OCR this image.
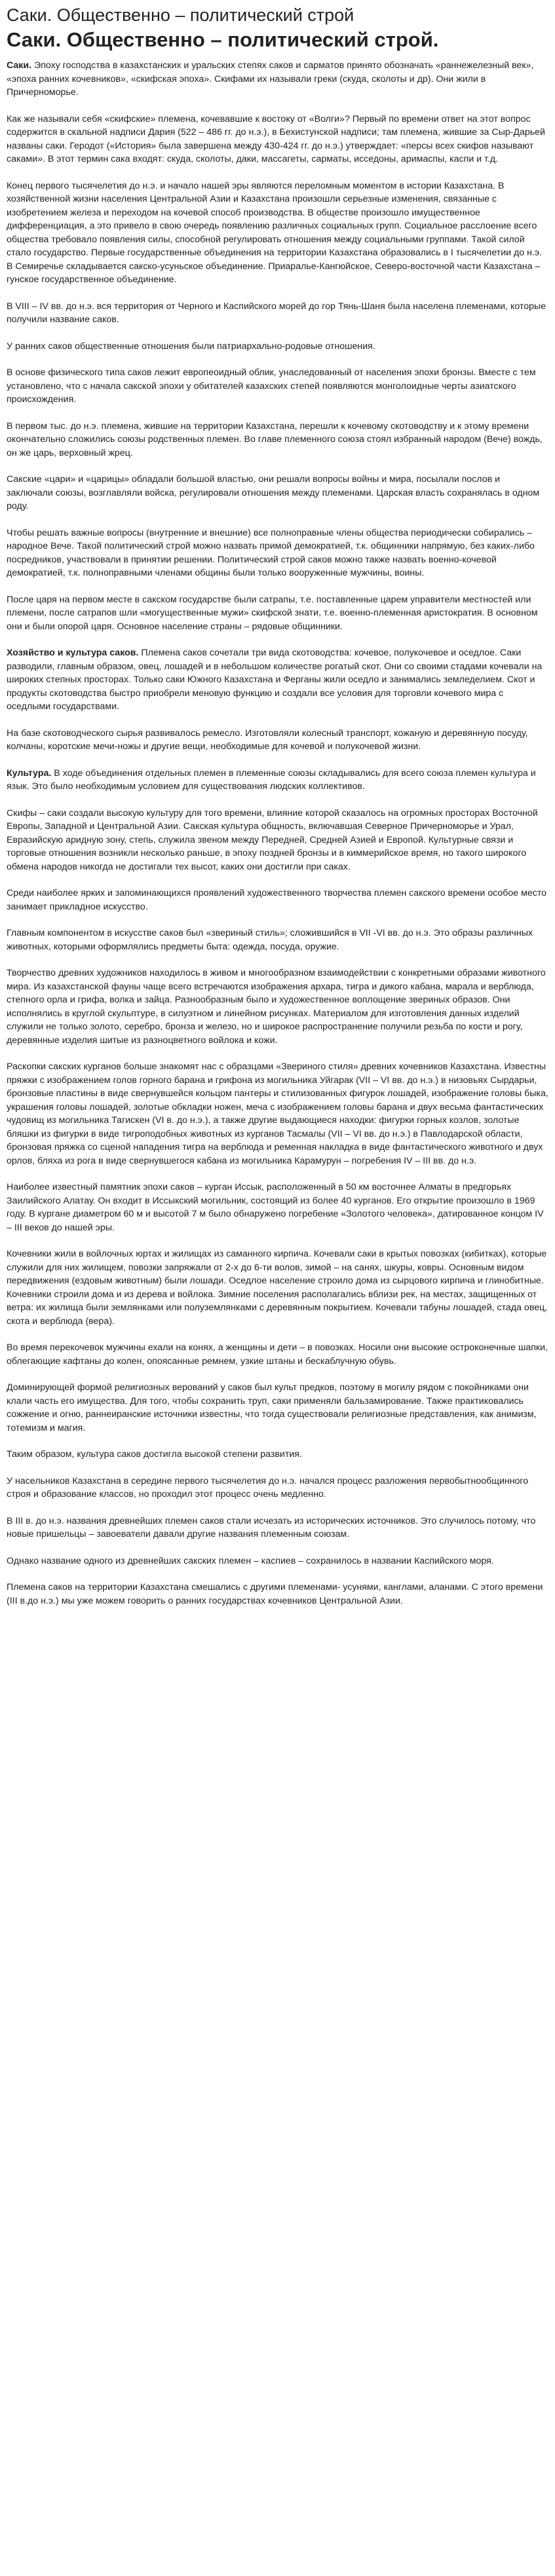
Саки. Общественно – политический строй
Саки. Общественно – политический строй.

Саки. Эпоху господства в казахстанских и уральских степях саков и сарматов принято обозначать «раннежелезный век», «эпоха ранних кочевников», «скифская эпоха». Скифами их называли греки (скуда, сколоты и др). Они жили в Причерноморье.

Как же называли себя «скифские» племена, кочевавшие к востоку от «Волги»? Первый по времени ответ на этот вопрос содержится в скальной надписи Дария (522 – 486 гг. до н.э.), в Бехистунской надписи; там племена, жившие за Сыр-Дарьей названы саки. Геродот («История» была завершена между 430-424 гг. до н.э.) утверждает: «персы всех скифов называют саками». В этот термин сака входят: скуда, сколоты, даки, массагеты, сарматы, исседоны, аримаспы, каспи и т.д.

Конец первого тысячелетия до н.э. и начало нашей эры являются переломным моментом в истории Казахстана. В хозяйственной жизни населения Центральной Азии и Казахстана произошли серьезные изменения, связанные с изобретением железа и переходом на кочевой способ производства. В обществе произошло имущественное дифференциация, а это привело в свою очередь появлению различных социальных групп. Социальное расслоение всего общества требовало появления силы, способной регулировать отношения между социальными группами. Такой силой стало государство. Первые государственные объединения на территории Казахстана образовались в I тысячелетии до н.э. В Семиречье складывается сакско-усуньское объединение. Приаралье-Кангюйское, Северо-восточной части Казахстана – гунское государственное объединение.

В VIII – IV вв. до н.э. вся территория от Черного и Каспийского морей до гор Тянь-Шаня была населена племенами, которые получили название саков.

У ранних саков общественные отношения были патриархально-родовые отношения.

В основе физического типа саков лежит европеоидный облик, унаследованный от населения эпохи бронзы. Вместе с тем установлено, что с начала сакской эпохи у обитателей казахских степей появляются монголоидные черты азиатского происхождения.

В первом тыс. до н.э. племена, жившие на территории Казахстана, перешли к кочевому скотоводству и к этому времени окончательно сложились союзы родственных племен. Во главе племенного союза стоял избранный народом (Вече) вождь, он же царь, верховный жрец.

Сакские «цари» и «царицы» обладали большой властью, они решали вопросы войны и мира, посылали послов и заключали союзы, возглавляли войска, регулировали отношения между племенами. Царская власть сохранялась в одном роду.

Чтобы решать важные вопросы (внутренние и внешние) все полноправные члены общества периодически собирались – народное Вече. Такой политический строй можно назвать примой демократией, т.к. общинники напрямую, без каких-либо посредников, участвовали в принятии решении. Политический строй саков можно также назвать военно-кочевой демократией, т.к. полноправными членами общины были только вооруженные мужчины, воины.

После царя на первом месте в сакском государстве были сатрапы, т.е. поставленные царем управители местностей или племени, после сатрапов шли «могущественные мужи» скифской знати, т.е. военно-племенная аристократия. В основном они и были опорой царя. Основное население страны – рядовые общинники.

Хозяйство и культура саков. Племена саков сочетали три вида скотоводства: кочевое, полукочевое и оседлое. Саки разводили, главным образом, овец, лошадей и в небольшом количестве рогатый скот. Они со своими стадами кочевали на широких степных просторах. Только саки Южного Казахстана и Ферганы жили оседло и занимались земледелием. Скот и продукты скотоводства быстро приобрели меновую функцию и создали все условия для торговли кочевого мира с оседлыми государствами.

На базе скотоводческого сырья развивалось ремесло. Изготовляли колесный транспорт, кожаную и деревянную посуду, колчаны, коротские мечи-ножы и другие вещи, необходимые для кочевой и полукочевой жизни.

Культура. В ходе объединения отдельных племен в племенные союзы складывались для всего союза племен культура и язык. Это было необходимым условием для существования людских коллективов.

Скифы – саки создали высокую культуру для того времени, влияние которой сказалось на огромных просторах Восточной Европы, Западной и Центральной Азии. Сакская культура общность, включавшая Северное Причерноморье и Урал, Евразийскую аридную зону, степь, служила звеном между Передней, Средней Азией и Европой. Культурные связи и торговые отношения возникли несколько раньше, в эпоху поздней бронзы и в киммерийское время, но такого широкого обмена народов никогда не достигали тех высот, каких они достигли при саках.

Среди наиболее ярких и запоминающихся проявлений художественного творчества племен сакского времени особое место занимает прикладное искусство.

Главным компонентом в искусстве саков был «звериный стиль»; сложившийся в VII -VI вв. до н.э. Это образы различных животных, которыми оформлялись предметы быта: одежда, посуда, оружие.

Творчество древних художников находилось в живом и многообразном взаимодействии с конкретными образами животного мира. Из казахстанской фауны чаще всего встречаются изображения архара, тигра и дикого кабана, марала и верблюда, степного орла и грифа, волка и зайца. Разнообразным было и художественное воплощение звериных образов. Они исполнялись в круглой скульптуре, в силуэтном и линейном рисунках. Материалом для изготовления данных изделий служили не только золото, серебро, бронза и железо, но и широкое распространение получили резьба по кости и рогу, деревянные изделия шитые из разноцветного войлока и кожи.

Раскопки сакских курганов больше знакомят нас с образцами «Звериного стиля» древних кочевников Казахстана. Известны пряжки с изображением голов горного барана и грифона из могильника Уйгарак (VII – VI вв. до н.э.) в низовьях Сырдарьи, бронзовые пластины в виде свернувшейся кольцом пантеры и стилизованных фигурок лошадей, изображение головы быка, украшения головы лошадей, золотые обкладки ножен, меча с изображением головы барана и двух весьма фантастических чудовищ из могильника Тагискен (VI в. до н.э.), а также другие выдающиеся находки: фигурки горных козлов, золотые бляшки из фигурки в виде тигроподобных животных из курганов Тасмалы (VII – VI вв. до н.э.) в Павлодарской области, бронзовая пряжка со сценой нападения тигра на верблюда и ременная накладка в виде фантастического животного и двух орлов, бляха из рога в виде свернувшегося кабана из могильника Карамурун – погребения IV – III вв. до н.э.

Наиболее известный памятник эпохи саков – курган Иссык, расположенный в 50 км восточнее Алматы в предгорьях Заилийского Алатау. Он входит в Иссыкский могильник, состоящий из более 40 курганов. Его открытие произошло в 1969 году. В кургане диаметром 60 м и высотой 7 м было обнаружено погребение «Золотого человека», датированное концом IV – III веков до нашей эры.

Кочевники жили в войлочных юртах и жилищах из саманного кирпича. Кочевали саки в крытых повозках (кибитках), которые служили для них жилищем, повозки запряжали от 2-х до 6-ти волов, зимой – на санях, шкуры, ковры. Основным видом передвижения (ездовым животным) были лошади. Оседлое население строило дома из сырцового кирпича и глинобитные. Кочевники строили дома и из дерева и войлока. Зимние поселения располагались вблизи рек, на местах, защищенных от ветра: их жилища были землянками или полуземлянками с деревянным покрытием. Кочевали табуны лошадей, стада овец, скота и верблюда (вера).

Во время перекочевок мужчины ехали на конях, а женщины и дети – в повозках. Носили они высокие остроконечные шапки, облегающие кафтаны до колен, опоясанные ремнем, узкие штаны и беcкаблучную обувь.

Доминирующей формой религиозных верований у саков был культ предков, поэтому в могилу рядом с покойниками они клали часть его имущества. Для того, чтобы сохранить труп, саки применяли бальзамирование. Также практиковались сожжение и огню, раннеиранские источники известны, что тогда существовали религиозные представления, как анимизм, тотемизм и магия.

Таким образом, культура саков достигла высокой степени развития.

У насельников Казахстана в середине первого тысячелетия до н.э. начался процесс разложения первобытнообщинного строя и образование классов, но проходил этот процесс очень медленно.

В III в. до н.э. названия древнейших племен саков стали исчезать из исторических источников. Это случилось потому, что новые пришельцы – завоеватели давали другие названия племенным союзам.

Однако название одного из древнейших сакских племен – каспиев – сохранилось в названии Каспийского моря.

Племена саков на территории Казахстана смешались с другими племенами- усунями, канглами, аланами. С этого времени (III в.до н.э.) мы уже можем говорить о ранних государствах кочевников Центральной Азии.
